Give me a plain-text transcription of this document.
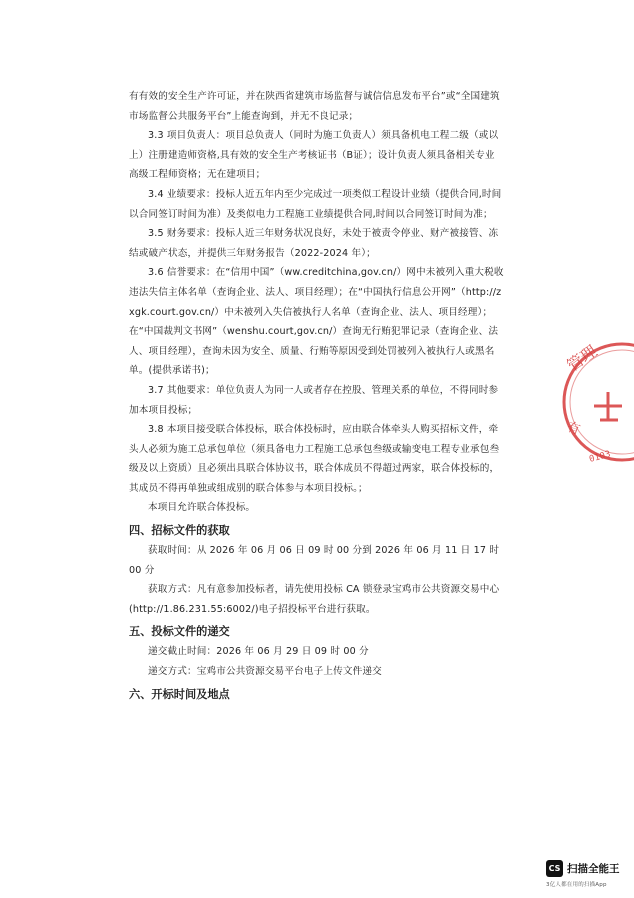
有有效的安全生产许可证，并在陕西省建筑市场监督与诚信信息发布平台”或“全国建筑市场监督公共服务平台”上能查询到，并无不良记录；

3.3 项目负责人：项目总负责人（同时为施工负责人）须具备机电工程二级（或以上）注册建造师资格,具有效的安全生产考核证书（B证）；设计负责人须具备相关专业高级工程师资格；无在建项目；

3.4 业绩要求：投标人近五年内至少完成过一项类似工程设计业绩（提供合同,时间以合同签订时间为准）及类似电力工程施工业绩提供合同,时间以合同签订时间为准；

3.5 财务要求：投标人近三年财务状况良好，未处于被责令停业、财产被接管、冻结或破产状态，并提供三年财务报告（2022-2024 年）；

3.6 信誉要求：在“信用中国”（ww.creditchina,gov.cn/）网中未被列入重大税收违法失信主体名单（查询企业、法人、项目经理）；在“中国执行信息公开网”（http://zxgk.court.gov.cn/）中未被列入失信被执行人名单（查询企业、法人、项目经理）；在“中国裁判文书网”（wenshu.court,gov.cn/）查询无行贿犯罪记录（查询企业、法人、项目经理），查询未因为安全、质量、行贿等原因受到处罚被列入被执行人或黑名单。(提供承诺书)；

3.7 其他要求：单位负责人为同一人或者存在控股、管理关系的单位，不得同时参加本项目投标；

3.8 本项目接受联合体投标，联合体投标时，应由联合体牵头人购买招标文件，牵头人必须为施工总承包单位（须具备电力工程施工总承包叁级或输变电工程专业承包叁级及以上资质）且必须出具联合体协议书，联合体成员不得超过两家，联合体投标的，其成员不得再单独或组成别的联合体参与本项目投标。；

本项目允许联合体投标。

四、招标文件的获取

获取时间：从 2026 年 06 月 06 日 09 时 00 分到 2026 年 06 月 11 日 17 时 00 分

获取方式：凡有意参加投标者，请先使用投标 CA 锁登录宝鸡市公共资源交易中心(http://1.86.231.55:6002/)电子招投标平台进行获取。

五、投标文件的递交

递交截止时间：2026 年 06 月 29 日 09 时 00 分

递交方式：宝鸡市公共资源交易平台电子上传文件递交

六、开标时间及地点
管理
有
0103
CS 扫描全能王
3亿人都在用的扫描App
